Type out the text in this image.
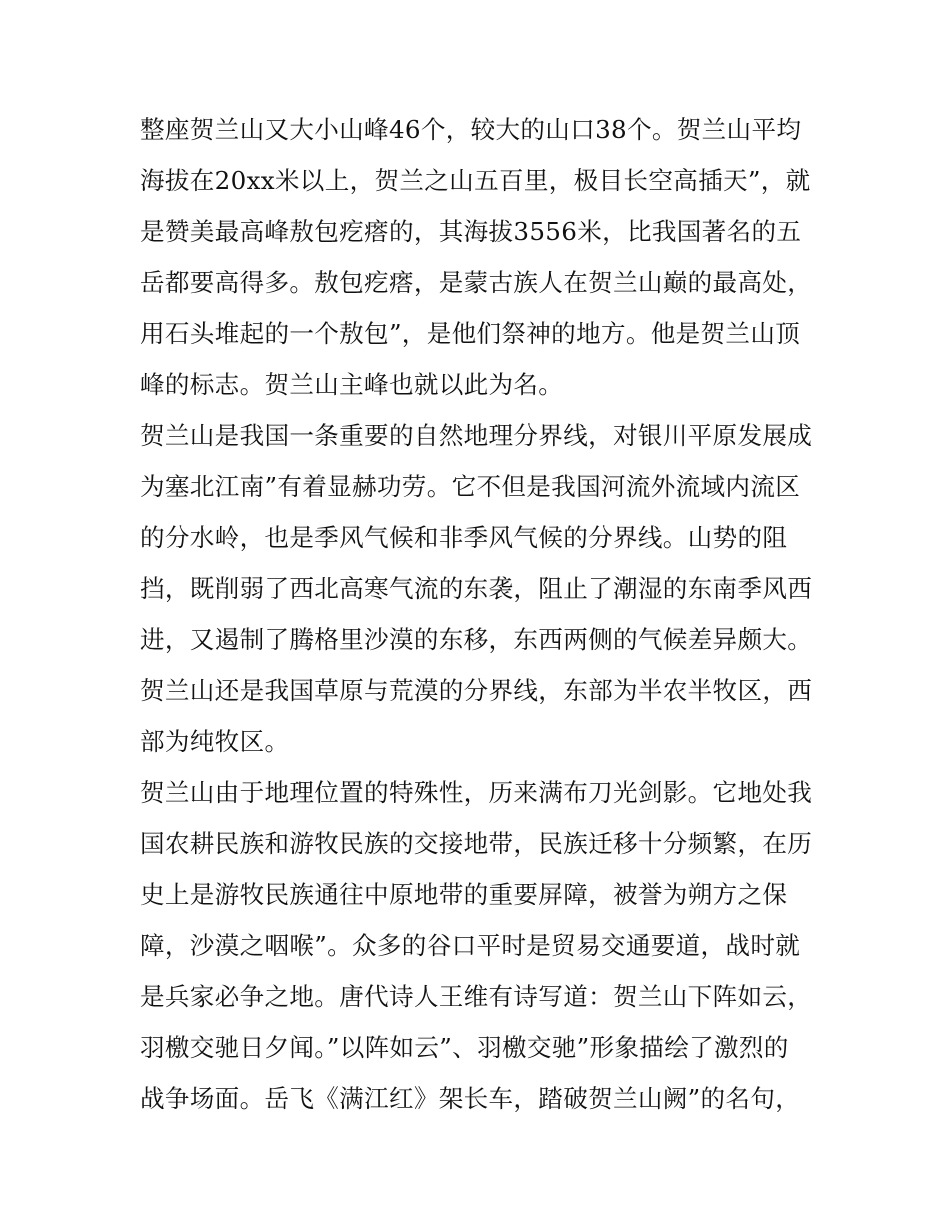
整座贺兰山又大小山峰46个，较大的山口38个。贺兰山平均
海拔在20xx米以上，贺兰之山五百里，极目长空高插天”，就
是赞美最高峰敖包疙瘩的，其海拔3556米，比我国著名的五
岳都要高得多。敖包疙瘩，是蒙古族人在贺兰山巅的最高处，
用石头堆起的一个敖包”，是他们祭神的地方。他是贺兰山顶
峰的标志。贺兰山主峰也就以此为名。
贺兰山是我国一条重要的自然地理分界线，对银川平原发展成
为塞北江南”有着显赫功劳。它不但是我国河流外流域内流区
的分水岭，也是季风气候和非季风气候的分界线。山势的阻
挡，既削弱了西北高寒气流的东袭，阻止了潮湿的东南季风西
进，又遏制了腾格里沙漠的东移，东西两侧的气候差异颇大。
贺兰山还是我国草原与荒漠的分界线，东部为半农半牧区，西
部为纯牧区。
贺兰山由于地理位置的特殊性，历来满布刀光剑影。它地处我
国农耕民族和游牧民族的交接地带，民族迁移十分频繁，在历
史上是游牧民族通往中原地带的重要屏障，被誉为朔方之保
障，沙漠之咽喉”。众多的谷口平时是贸易交通要道，战时就
是兵家必争之地。唐代诗人王维有诗写道：贺兰山下阵如云，
羽檄交驰日夕闻。”以阵如云”、羽檄交驰”形象描绘了激烈的
战争场面。岳飞《满江红》架长车，踏破贺兰山阙”的名句，
